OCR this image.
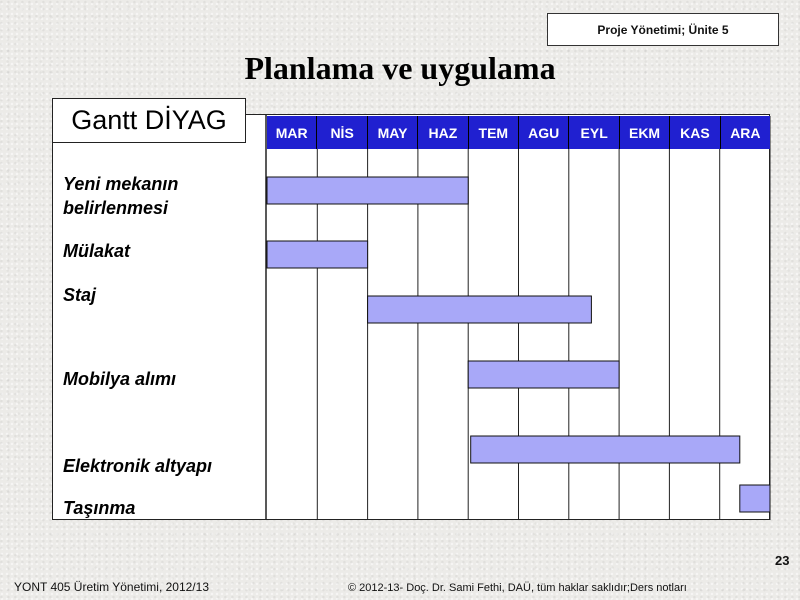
Proje Yönetimi; Ünite 5
Planlama ve uygulama
Gantt DİYAG	MAR	NİS	MAY	HAZ	TEM	AGU	EYL	EKM	KAS	ARA
Yeni mekanın belirlenmesi
Mülakat
Staj
Mobilya alımı
Elektronik altyapı
Taşınma
23
YONT 405 Üretim Yönetimi, 2012/13	© 2012-13- Doç. Dr. Sami Fethi, DAÜ, tüm haklar saklıdır;Ders notları
